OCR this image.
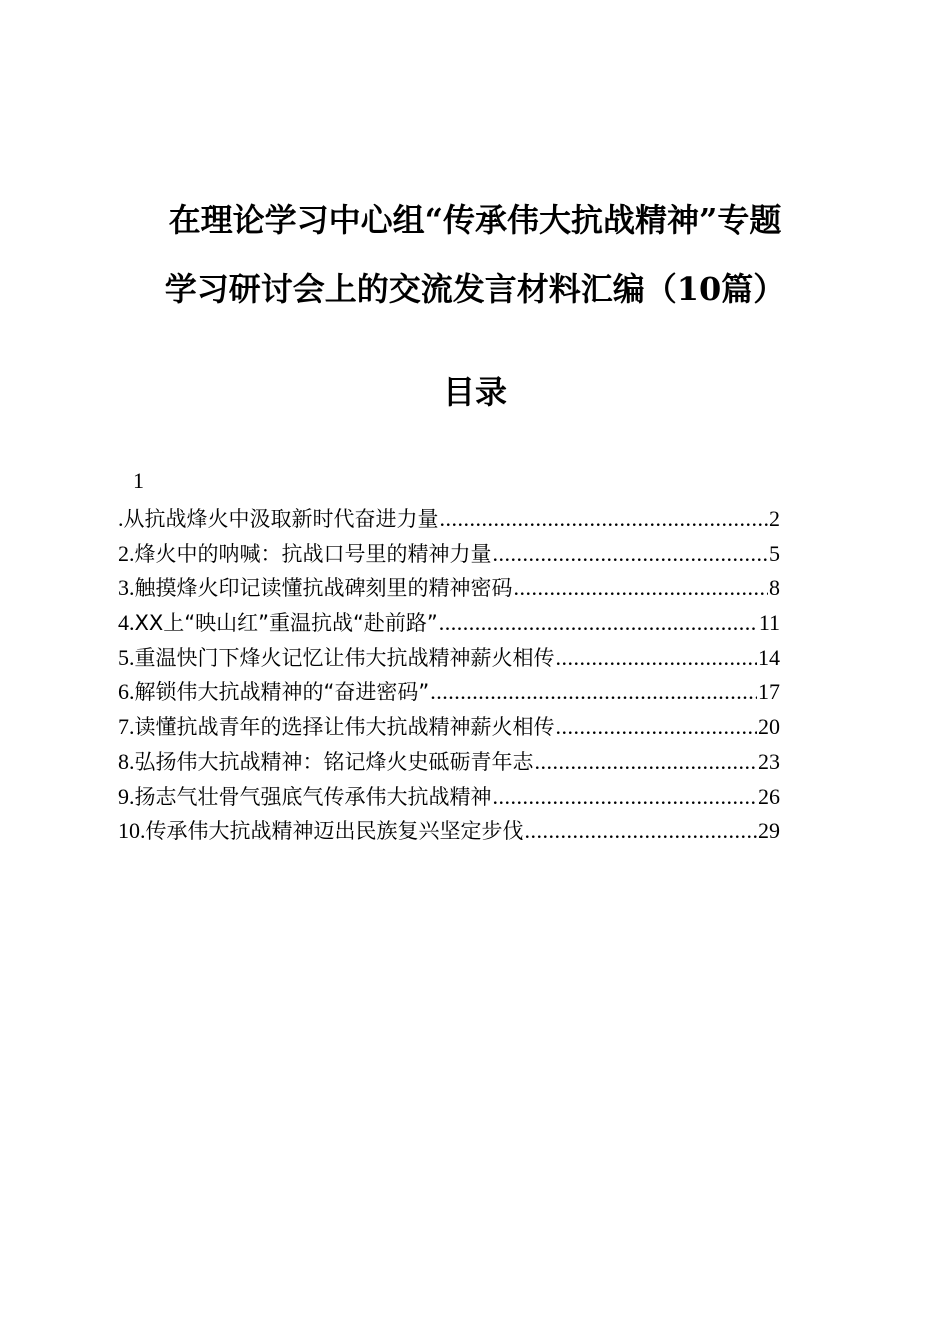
在理论学习中心组“传承伟大抗战精神”专题
学习研讨会上的交流发言材料汇编（10篇）
目录
1
. 从抗战烽火中汲取新时代奋进力量 .....	2
2. 烽火中的呐喊：抗战口号里的精神力量 .....	5
3. 触摸烽火印记读懂抗战碑刻里的精神密码 .....	8
4. XX上“映山红”重温抗战“赴前路” .....	11
5. 重温快门下烽火记忆让伟大抗战精神薪火相传 .....	14
6. 解锁伟大抗战精神的“奋进密码” .....	17
7. 读懂抗战青年的选择让伟大抗战精神薪火相传 .....	20
8. 弘扬伟大抗战精神：铭记烽火史砥砺青年志 .....	23
9. 扬志气壮骨气强底气传承伟大抗战精神 .....	26
10. 传承伟大抗战精神迈出民族复兴坚定步伐 .....	29
